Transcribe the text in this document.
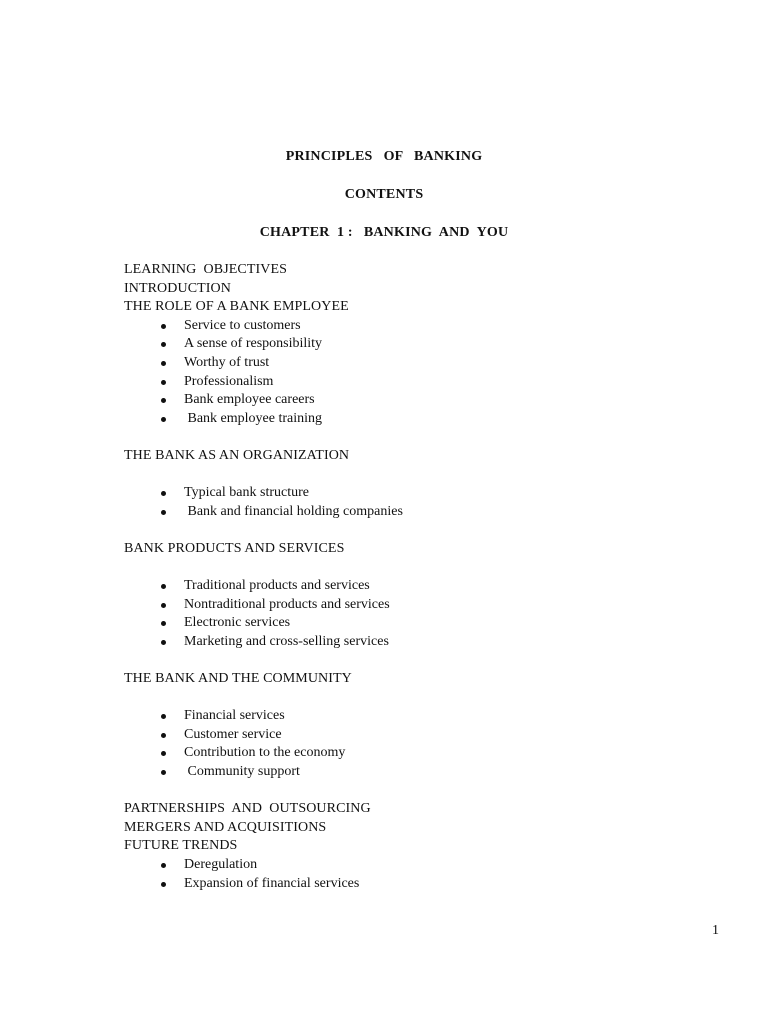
PRINCIPLES   OF   BANKING
CONTENTS
CHAPTER  1 :   BANKING  AND  YOU
LEARNING  OBJECTIVES
INTRODUCTION
THE ROLE OF A BANK EMPLOYEE
Service to customers
A sense of responsibility
Worthy of trust
Professionalism
Bank employee careers
Bank employee training
THE BANK AS AN ORGANIZATION
Typical bank structure
Bank and financial holding companies
BANK PRODUCTS AND SERVICES
Traditional products and services
Nontraditional products and services
Electronic services
Marketing and cross-selling services
THE BANK AND THE COMMUNITY
Financial services
Customer service
Contribution to the economy
Community support
PARTNERSHIPS  AND  OUTSOURCING
MERGERS AND ACQUISITIONS
FUTURE TRENDS
Deregulation
Expansion of financial services
1
